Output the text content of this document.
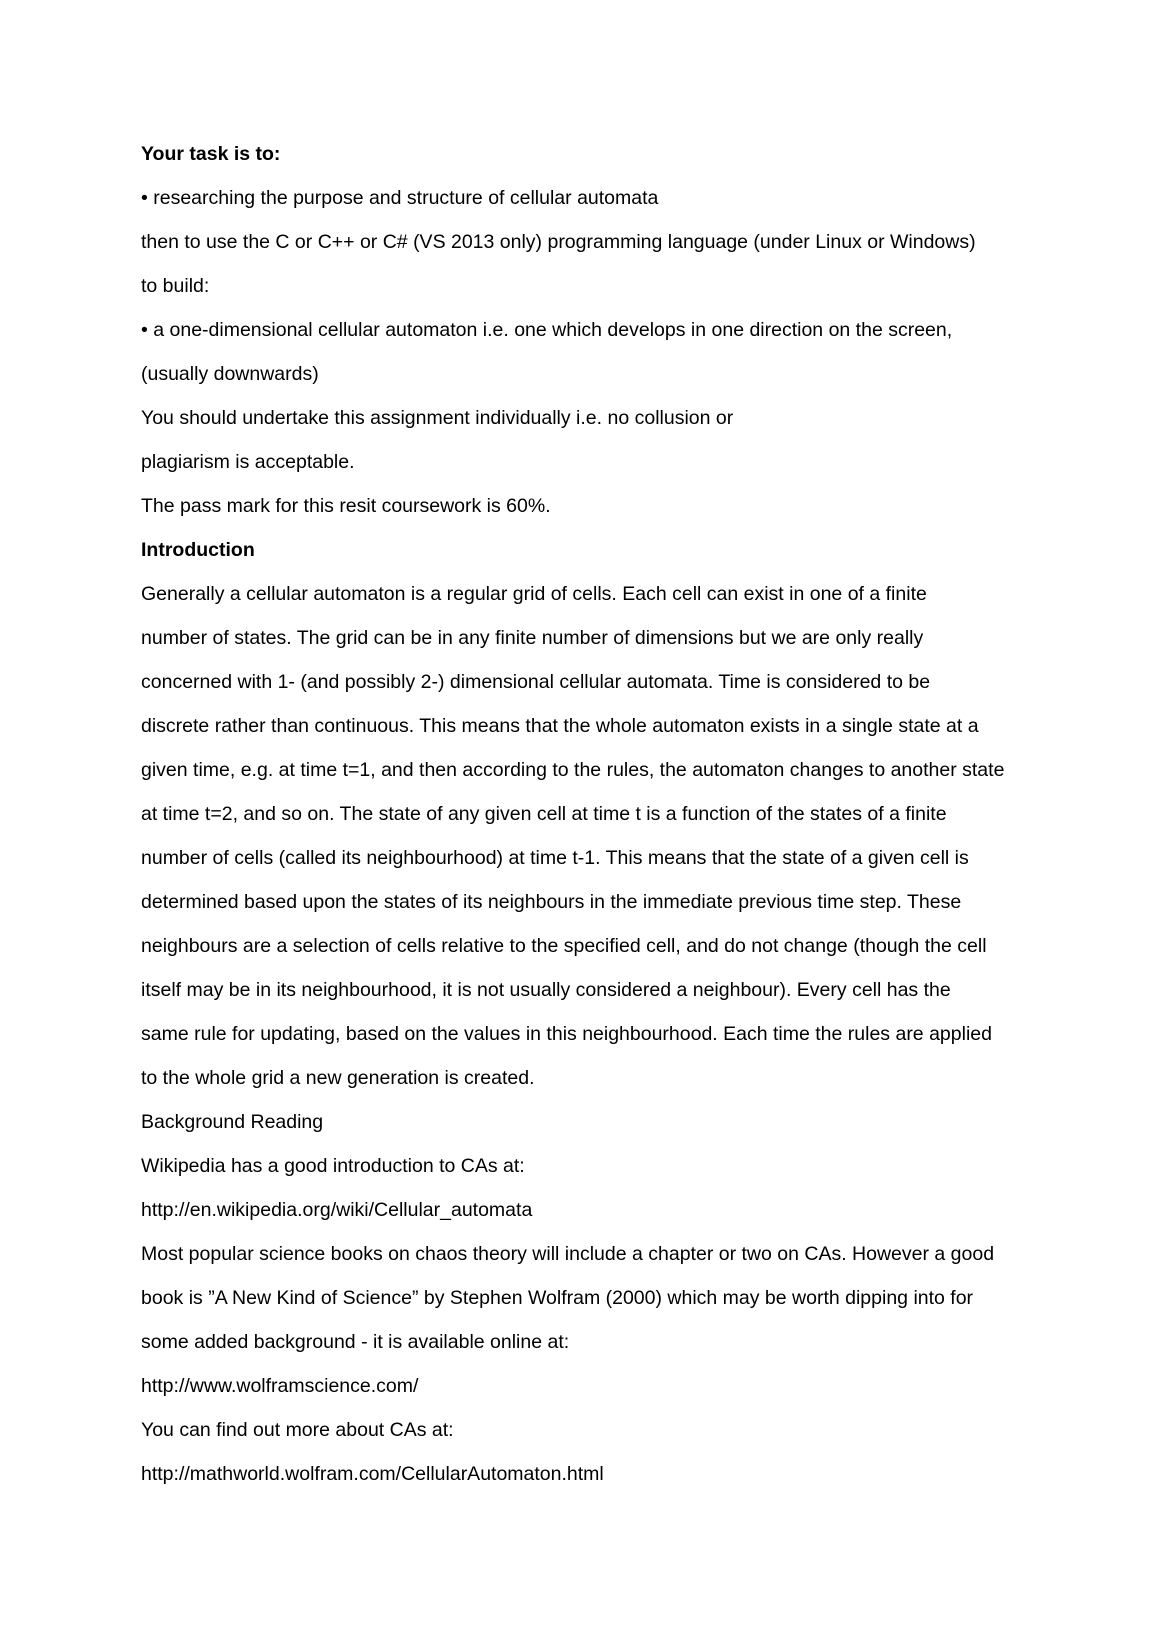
Your task is to:
• researching the purpose and structure of cellular automata
then to use the C or C++ or C# (VS 2013 only) programming language (under Linux or Windows)
to build:
• a one-dimensional cellular automaton i.e. one which develops in one direction on the screen,
(usually downwards)
You should undertake this assignment individually i.e. no collusion or
plagiarism is acceptable.
The pass mark for this resit coursework is 60%.
Introduction
Generally a cellular automaton is a regular grid of cells. Each cell can exist in one of a finite
number of states. The grid can be in any finite number of dimensions but we are only really
concerned with 1- (and possibly 2-) dimensional cellular automata. Time is considered to be
discrete rather than continuous. This means that the whole automaton exists in a single state at a
given time, e.g. at time t=1, and then according to the rules, the automaton changes to another state
at time t=2, and so on. The state of any given cell at time t is a function of the states of a finite
number of cells (called its neighbourhood) at time t-1. This means that the state of a given cell is
determined based upon the states of its neighbours in the immediate previous time step. These
neighbours are a selection of cells relative to the specified cell, and do not change (though the cell
itself may be in its neighbourhood, it is not usually considered a neighbour). Every cell has the
same rule for updating, based on the values in this neighbourhood. Each time the rules are applied
to the whole grid a new generation is created.
Background Reading
Wikipedia has a good introduction to CAs at:
http://en.wikipedia.org/wiki/Cellular_automata
Most popular science books on chaos theory will include a chapter or two on CAs. However a good
book is ”A New Kind of Science” by Stephen Wolfram (2000) which may be worth dipping into for
some added background - it is available online at:
http://www.wolframscience.com/
You can find out more about CAs at:
http://mathworld.wolfram.com/CellularAutomaton.html
